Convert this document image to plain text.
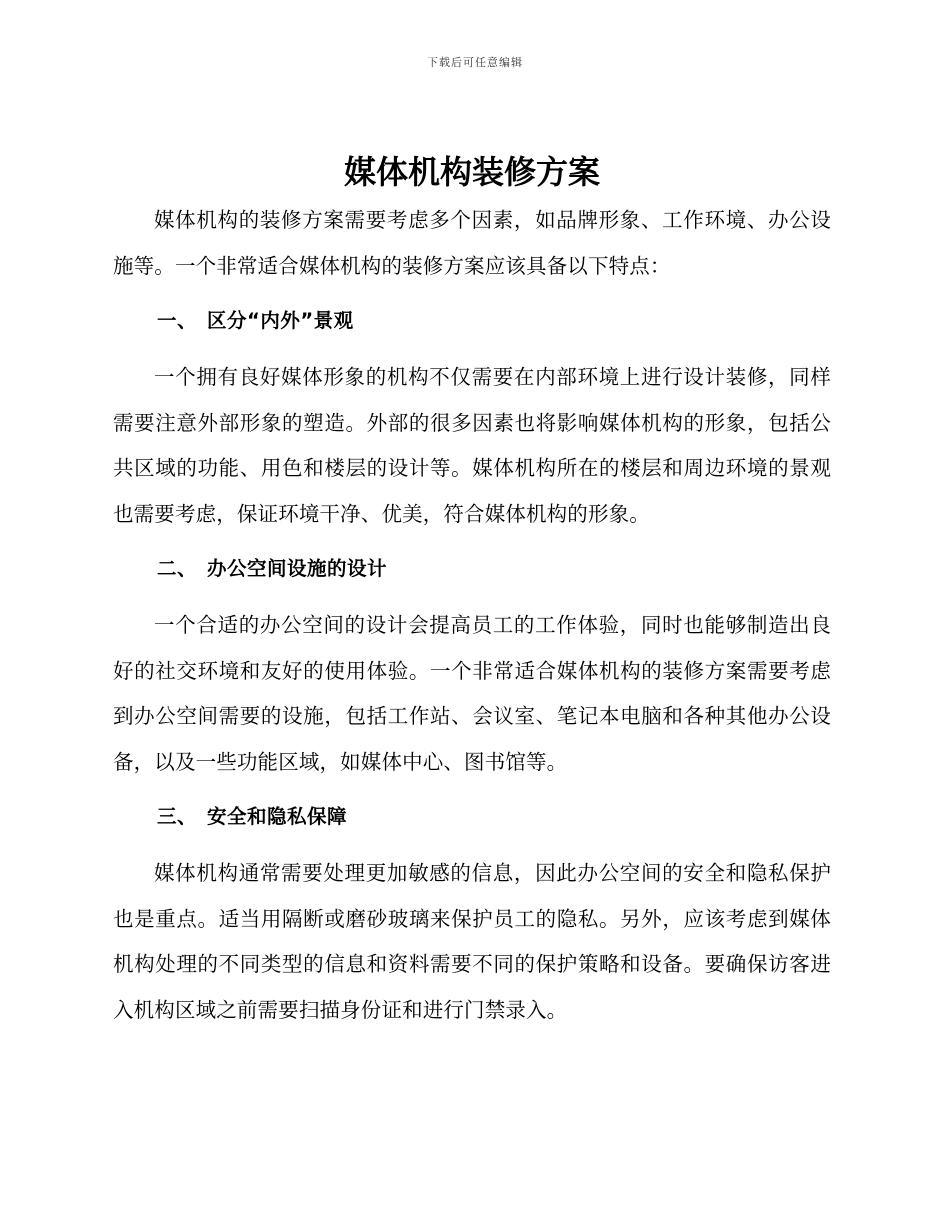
下载后可任意编辑
媒体机构装修方案

媒体机构的装修方案需要考虑多个因素，如品牌形象、工作环境、办公设施等。一个非常适合媒体机构的装修方案应该具备以下特点：

一、 区分“内外”景观

一个拥有良好媒体形象的机构不仅需要在内部环境上进行设计装修，同样需要注意外部形象的塑造。外部的很多因素也将影响媒体机构的形象，包括公共区域的功能、用色和楼层的设计等。媒体机构所在的楼层和周边环境的景观也需要考虑，保证环境干净、优美，符合媒体机构的形象。

二、 办公空间设施的设计

一个合适的办公空间的设计会提高员工的工作体验，同时也能够制造出良好的社交环境和友好的使用体验。一个非常适合媒体机构的装修方案需要考虑到办公空间需要的设施，包括工作站、会议室、笔记本电脑和各种其他办公设备，以及一些功能区域，如媒体中心、图书馆等。

三、 安全和隐私保障

媒体机构通常需要处理更加敏感的信息，因此办公空间的安全和隐私保护也是重点。适当用隔断或磨砂玻璃来保护员工的隐私。另外，应该考虑到媒体机构处理的不同类型的信息和资料需要不同的保护策略和设备。要确保访客进入机构区域之前需要扫描身份证和进行门禁录入。
